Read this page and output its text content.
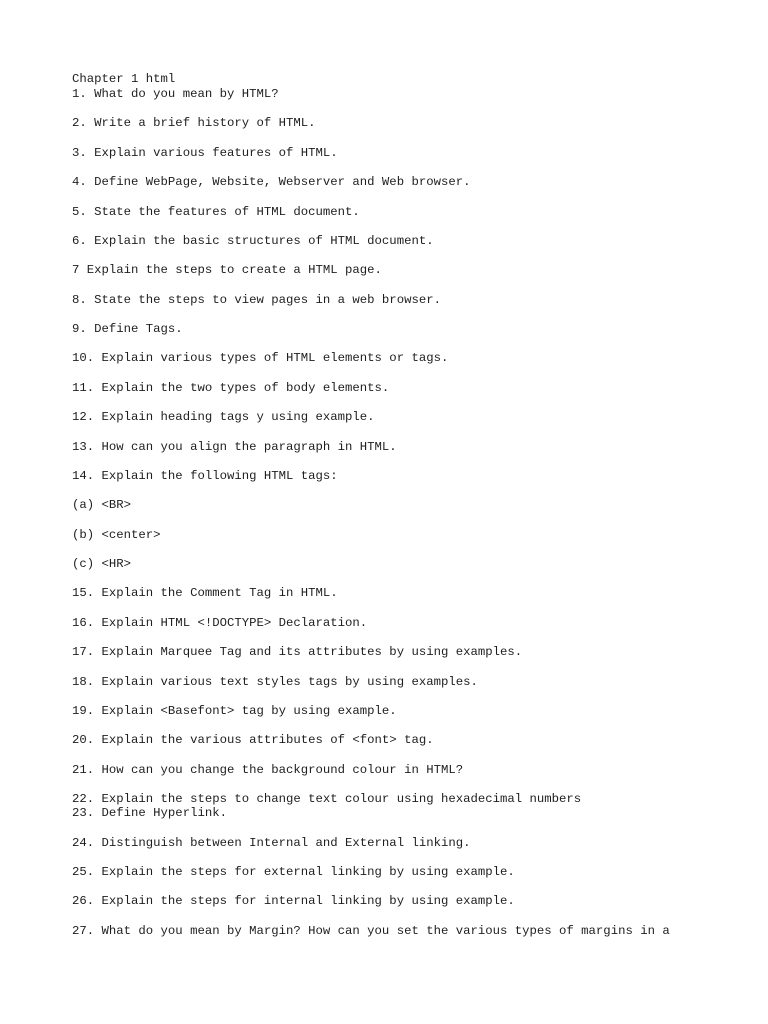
Chapter 1 html

1. What do you mean by HTML?

2. Write a brief history of HTML.

3. Explain various features of HTML.

4. Define WebPage, Website, Webserver and Web browser.

5. State the features of HTML document.

6. Explain the basic structures of HTML document.

7 Explain the steps to create a HTML page.

8. State the steps to view pages in a web browser.

9. Define Tags.

10. Explain various types of HTML elements or tags.

11. Explain the two types of body elements.

12. Explain heading tags y using example.

13. How can you align the paragraph in HTML.

14. Explain the following HTML tags:

(a) <BR>

(b) <center>

(c) <HR>

15. Explain the Comment Tag in HTML.

16. Explain HTML <!DOCTYPE> Declaration.

17. Explain Marquee Tag and its attributes by using examples.

18. Explain various text styles tags by using examples.

19. Explain <Basefont> tag by using example.

20. Explain the various attributes of <font> tag.

21. How can you change the background colour in HTML?

22. Explain the steps to change text colour using hexadecimal numbers

23. Define Hyperlink.

24. Distinguish between Internal and External linking.

25. Explain the steps for external linking by using example.

26. Explain the steps for internal linking by using example.

27. What do you mean by Margin? How can you set the various types of margins in a
